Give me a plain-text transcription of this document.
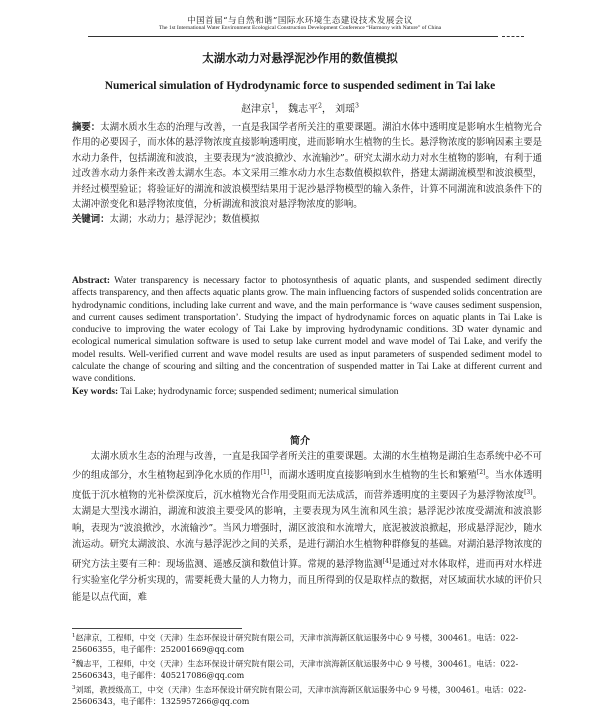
中国首届“与自然和谐”国际水环境生态建设技术发展会议
The 1st International Water Environment Ecological Construction Development Conference “Harmony with Nature” of China
太湖水动力对悬浮泥沙作用的数值模拟
Numerical simulation of Hydrodynamic force to suspended sediment in Tai lake
赵津京$^1$， 魏志平$^2$， 刘瑶$^3$
摘要：太湖水质水生态的治理与改善，一直是我国学者所关注的重要课题。湖泊水体中透明度是影响水生植物光合作用的必要因子，而水体的悬浮物浓度直接影响透明度，进而影响水生植物的生长。悬浮物浓度的影响因素主要是水动力条件，包括湖流和波浪，主要表现为“波浪掀沙、水流输沙”。研究太湖水动力对水生植物的影响，有利于通过改善水动力条件来改善太湖水生态。本文采用三维水动力水生态数值模拟软件，搭建太湖湖流模型和波浪模型，并经过模型验证；将验证好的湖流和波浪模型结果用于泥沙悬浮物模型的输入条件，计算不同湖流和波浪条件下的太湖冲淤变化和悬浮物浓度值，分析湖流和波浪对悬浮物浓度的影响。
关键词：太湖；水动力；悬浮泥沙；数值模拟
Abstract: Water transparency is necessary factor to photosynthesis of aquatic plants, and suspended sediment directly affects transparency, and then affects aquatic plants grow. The main influencing factors of suspended solids concentration are hydrodynamic conditions, including lake current and wave, and the main performance is ‘wave causes sediment suspension, and current causes sediment transportation’. Studying the impact of hydrodynamic forces on aquatic plants in Tai Lake is conducive to improving the water ecology of Tai Lake by improving hydrodynamic conditions. 3D water dynamic and ecological numerical simulation software is used to setup lake current model and wave model of Tai Lake, and verify the model results. Well-verified current and wave model results are used as input parameters of suspended sediment model to calculate the change of scouring and silting and the concentration of suspended matter in Tai Lake at different current and wave conditions.
Key words: Tai Lake; hydrodynamic force; suspended sediment; numerical simulation
简介
太湖水质水生态的治理与改善，一直是我国学者所关注的重要课题。太湖的水生植物是湖泊生态系统中必不可少的组成部分，水生植物起到净化水质的作用[1]，而湖水透明度直接影响到水生植物的生长和繁殖[2]。当水体透明度低于沉水植物的光补偿深度后，沉水植物光合作用受阻而无法成活，而营养透明度的主要因子为悬浮物浓度[3]。太湖是大型浅水湖泊，湖流和波浪主要受风的影响，主要表现为风生流和风生浪；悬浮泥沙浓度受湖流和波浪影响，表现为“波浪掀沙，水流输沙”。当风力增强时，湖区波浪和水流增大，底泥被波浪掀起，形成悬浮泥沙，随水流运动。研究太湖波浪、水流与悬浮泥沙之间的关系，是进行湖泊水生植物种群修复的基础。对湖泊悬浮物浓度的研究方法主要有三种：现场监测、遥感反演和数值计算。常规的悬浮物监测[4]是通过对水体取样，进而再对水样进行实验室化学分析实现的，需要耗费大量的人力物力，而且所得到的仅是取样点的数据，对区域面状水域的评价只能是以点代面，难
$^1$赵津京，工程师，中交（天津）生态环保设计研究院有限公司，天津市滨海新区航运服务中心 9 号楼，300461。电话：022-25606355，电子邮件：252001669@qq.com
$^2$魏志平，工程师，中交（天津）生态环保设计研究院有限公司，天津市滨海新区航运服务中心 9 号楼，300461。电话：022-25606343，电子邮件：405217086@qq.com
$^3$刘瑶，教授级高工，中交（天津）生态环保设计研究院有限公司，天津市滨海新区航运服务中心 9 号楼，300461。电话：022-25606343，电子邮件：1325957266@qq.com
